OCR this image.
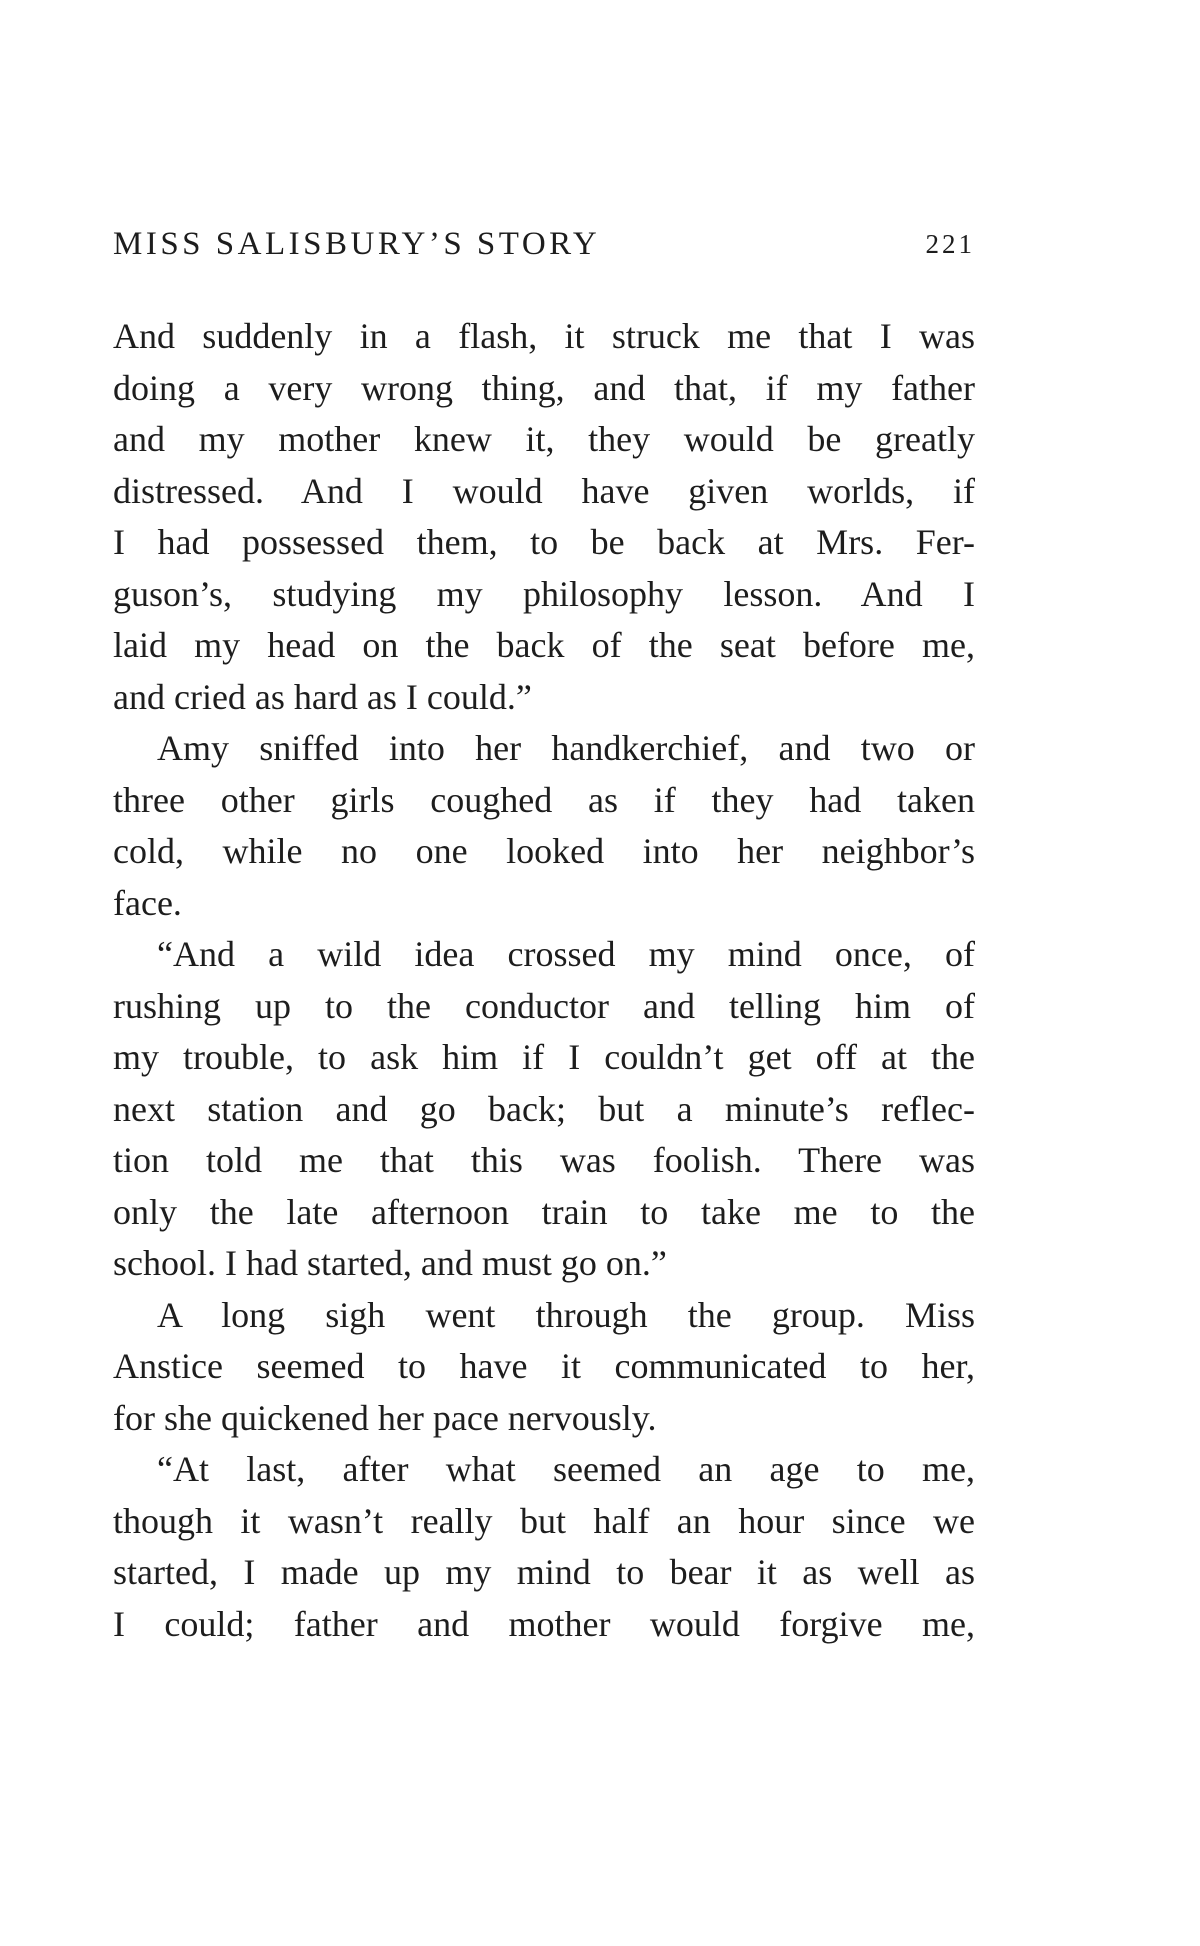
MISS SALISBURY’S STORY	221
And suddenly in a flash, it struck me that I was
doing a very wrong thing, and that, if my father
and my mother knew it, they would be greatly
distressed. And I would have given worlds, if
I had possessed them, to be back at Mrs. Fer-
guson’s, studying my philosophy lesson. And I
laid my head on the back of the seat before me,
and cried as hard as I could.”
Amy sniffed into her handkerchief, and two or
three other girls coughed as if they had taken
cold, while no one looked into her neighbor’s
face.
“And a wild idea crossed my mind once, of
rushing up to the conductor and telling him of
my trouble, to ask him if I couldn’t get off at the
next station and go back; but a minute’s reflec-
tion told me that this was foolish. There was
only the late afternoon train to take me to the
school. I had started, and must go on.”
A long sigh went through the group. Miss
Anstice seemed to have it communicated to her,
for she quickened her pace nervously.
“At last, after what seemed an age to me,
though it wasn’t really but half an hour since we
started, I made up my mind to bear it as well as
I could; father and mother would forgive me,
